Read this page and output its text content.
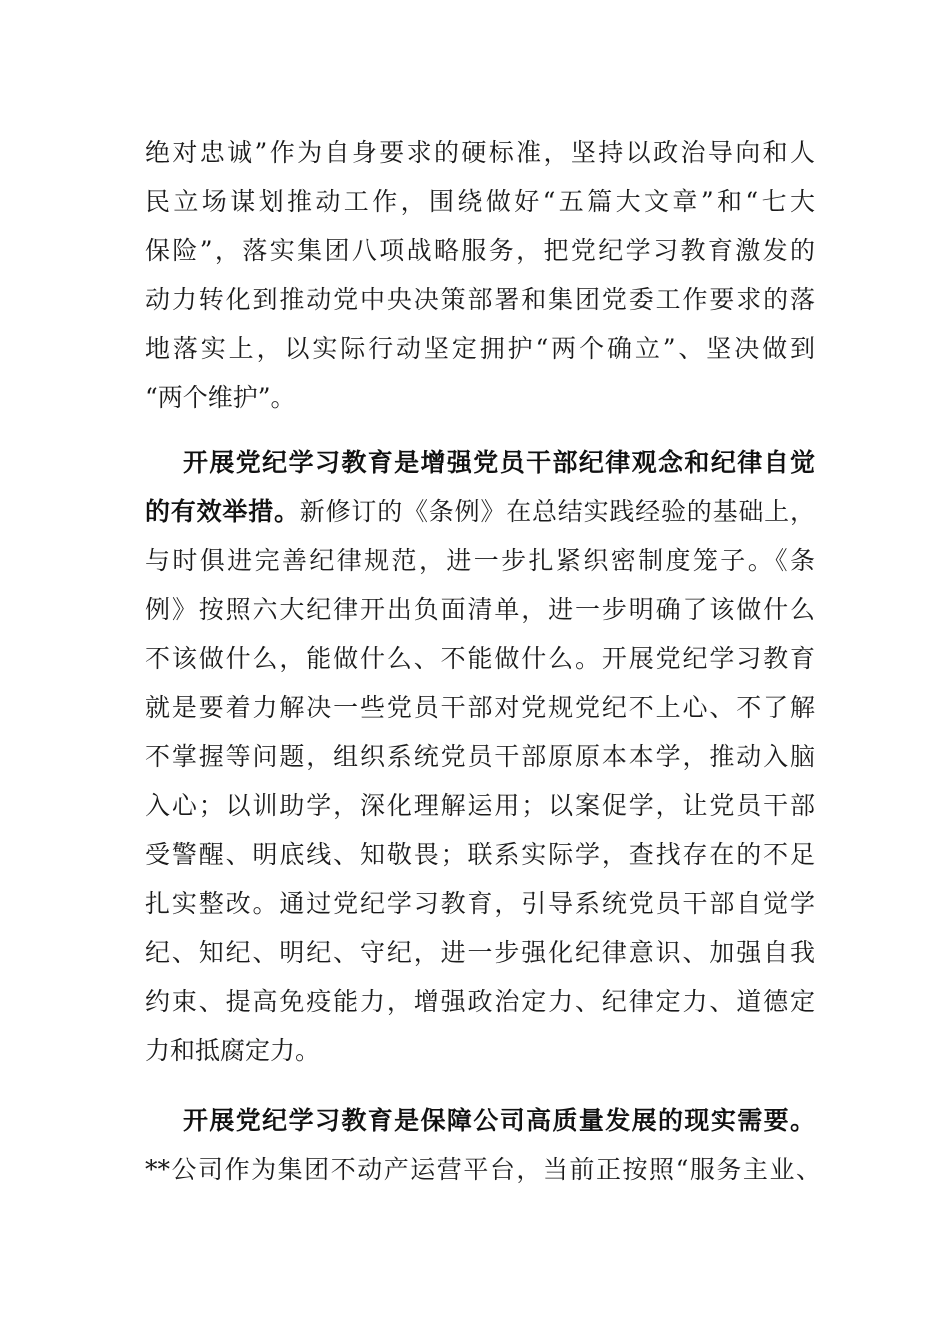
绝对忠诚”作为自身要求的硬标准，坚持以政治导向和人
民立场谋划推动工作，围绕做好“五篇大文章”和“七大
保险”，落实集团八项战略服务，把党纪学习教育激发的
动力转化到推动党中央决策部署和集团党委工作要求的落
地落实上，以实际行动坚定拥护“两个确立”、坚决做到
“两个维护”。
开展党纪学习教育是增强党员干部纪律观念和纪律自觉
的有效举措。新修订的《条例》在总结实践经验的基础上，
与时俱进完善纪律规范，进一步扎紧织密制度笼子。《条
例》按照六大纪律开出负面清单，进一步明确了该做什么
不该做什么，能做什么、不能做什么。开展党纪学习教育
就是要着力解决一些党员干部对党规党纪不上心、不了解
不掌握等问题，组织系统党员干部原原本本学，推动入脑
入心；以训助学，深化理解运用；以案促学，让党员干部
受警醒、明底线、知敬畏；联系实际学，查找存在的不足
扎实整改。通过党纪学习教育，引导系统党员干部自觉学
纪、知纪、明纪、守纪，进一步强化纪律意识、加强自我
约束、提高免疫能力，增强政治定力、纪律定力、道德定
力和抵腐定力。
开展党纪学习教育是保障公司高质量发展的现实需要。
**公司作为集团不动产运营平台，当前正按照“服务主业、
